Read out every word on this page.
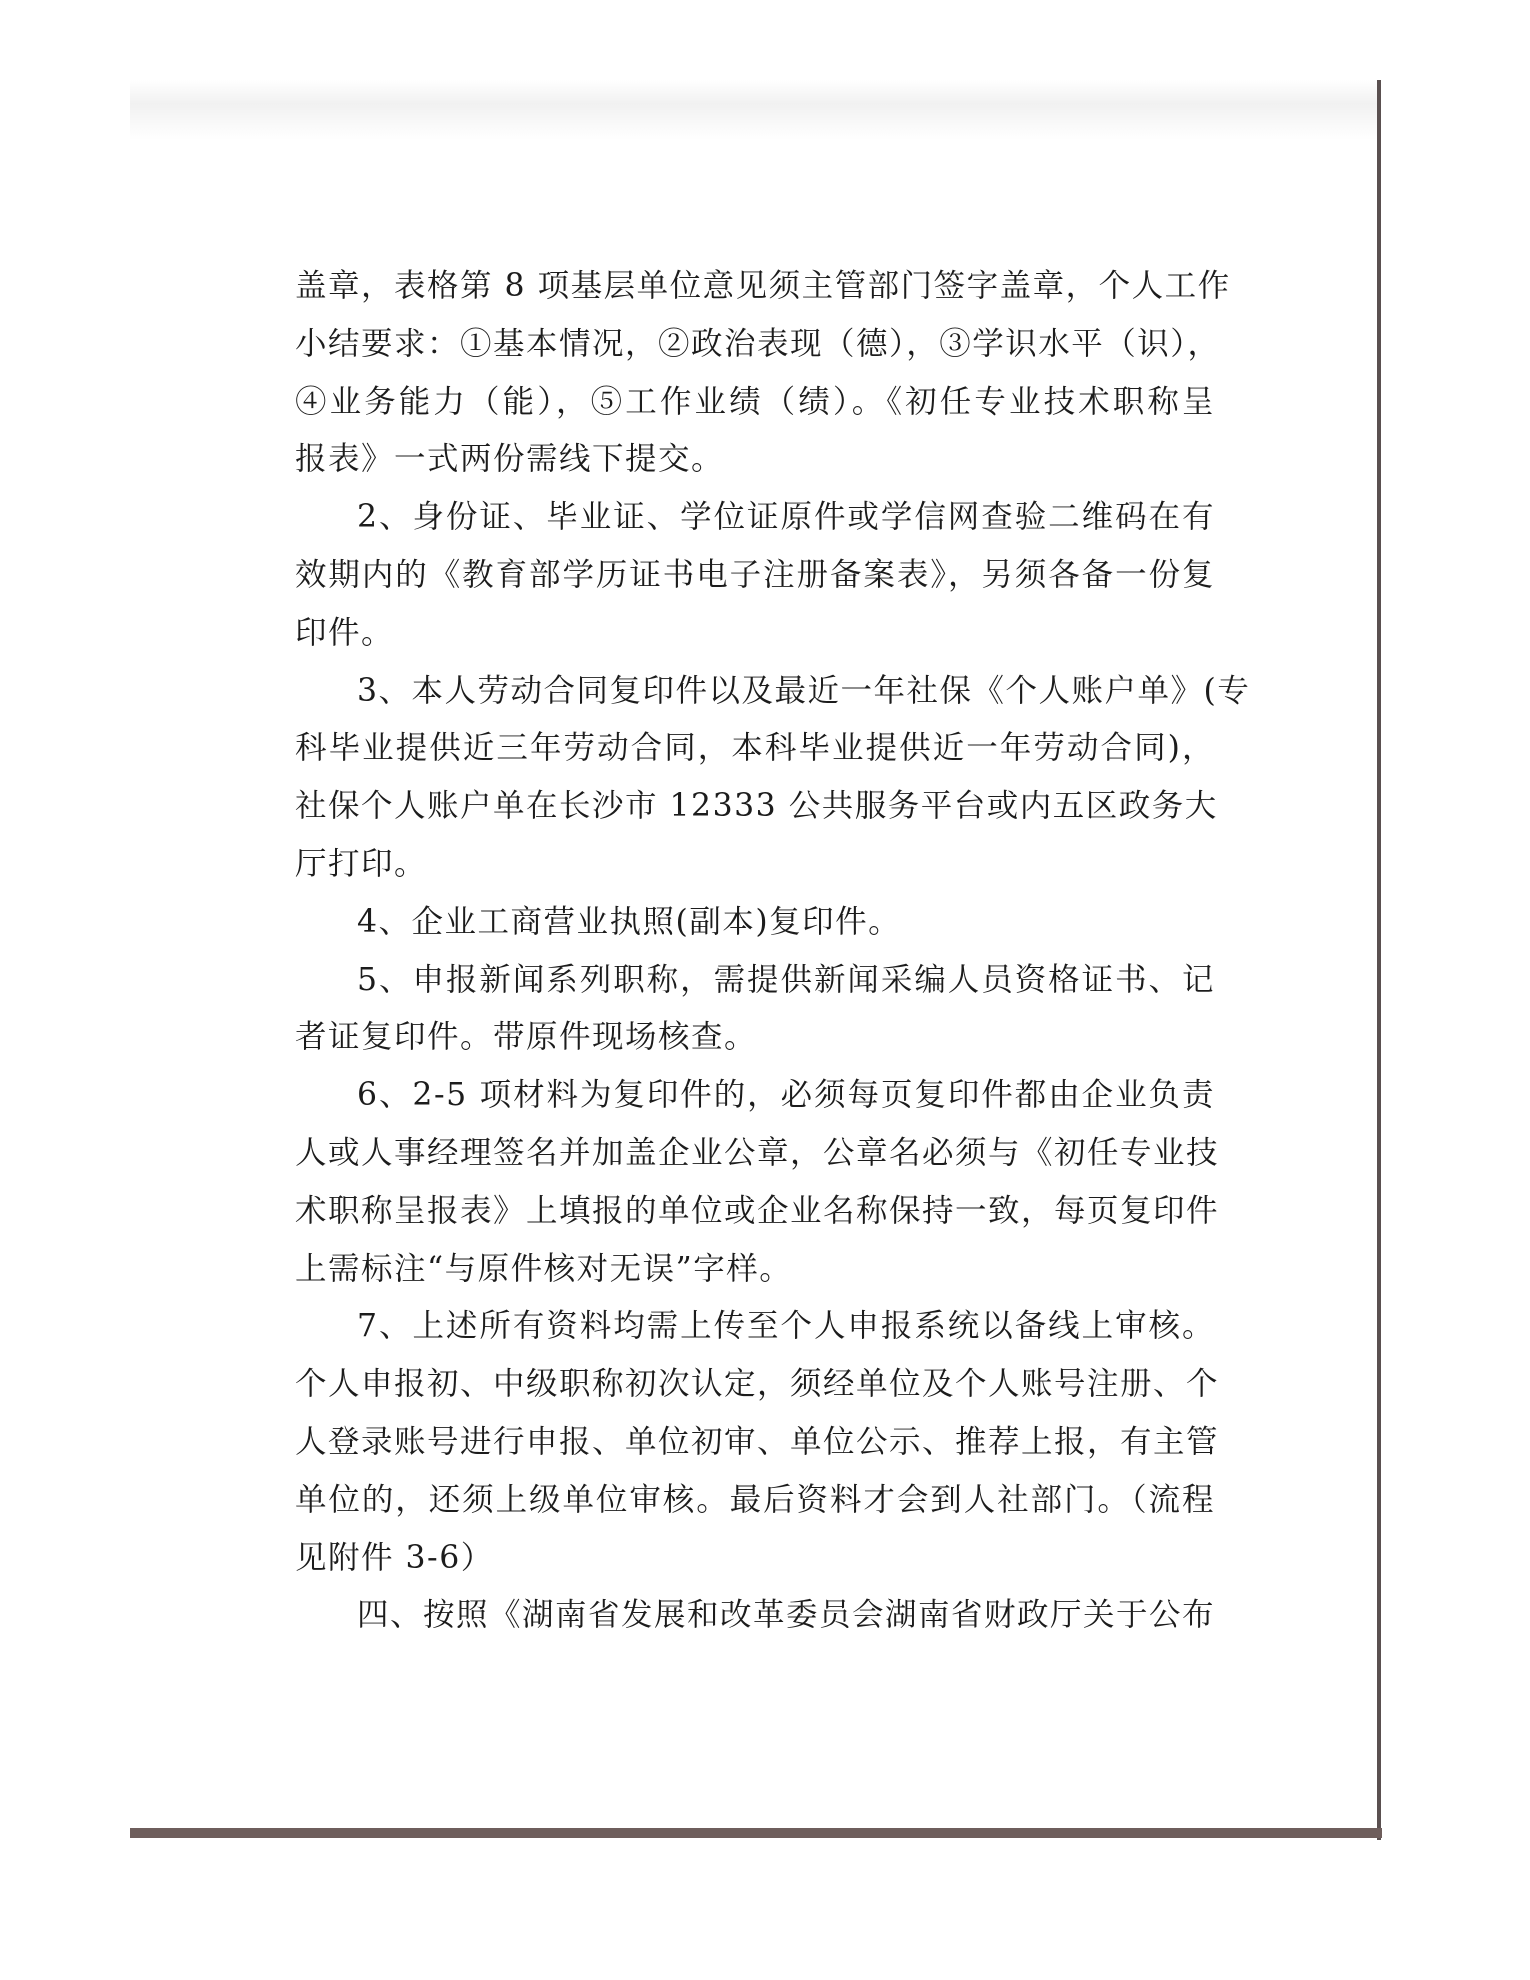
盖章，表格第 8 项基层单位意见须主管部门签字盖章，个人工作
小结要求：①基本情况，②政治表现（德），③学识水平（识），
④业务能力（能），⑤工作业绩（绩）。《初任专业技术职称呈
报表》一式两份需线下提交。
2、身份证、毕业证、学位证原件或学信网查验二维码在有
效期内的《教育部学历证书电子注册备案表》，另须各备一份复
印件。
3、本人劳动合同复印件以及最近一年社保《个人账户单》(专
科毕业提供近三年劳动合同，本科毕业提供近一年劳动合同)，
社保个人账户单在长沙市 12333 公共服务平台或内五区政务大
厅打印。
4、企业工商营业执照(副本)复印件。
5、申报新闻系列职称，需提供新闻采编人员资格证书、记
者证复印件。带原件现场核查。
6、2-5 项材料为复印件的，必须每页复印件都由企业负责
人或人事经理签名并加盖企业公章，公章名必须与《初任专业技
术职称呈报表》上填报的单位或企业名称保持一致，每页复印件
上需标注“与原件核对无误”字样。
7、上述所有资料均需上传至个人申报系统以备线上审核。
个人申报初、中级职称初次认定，须经单位及个人账号注册、个
人登录账号进行申报、单位初审、单位公示、推荐上报，有主管
单位的，还须上级单位审核。最后资料才会到人社部门。（流程
见附件 3-6）
四、按照《湖南省发展和改革委员会湖南省财政厅关于公布
